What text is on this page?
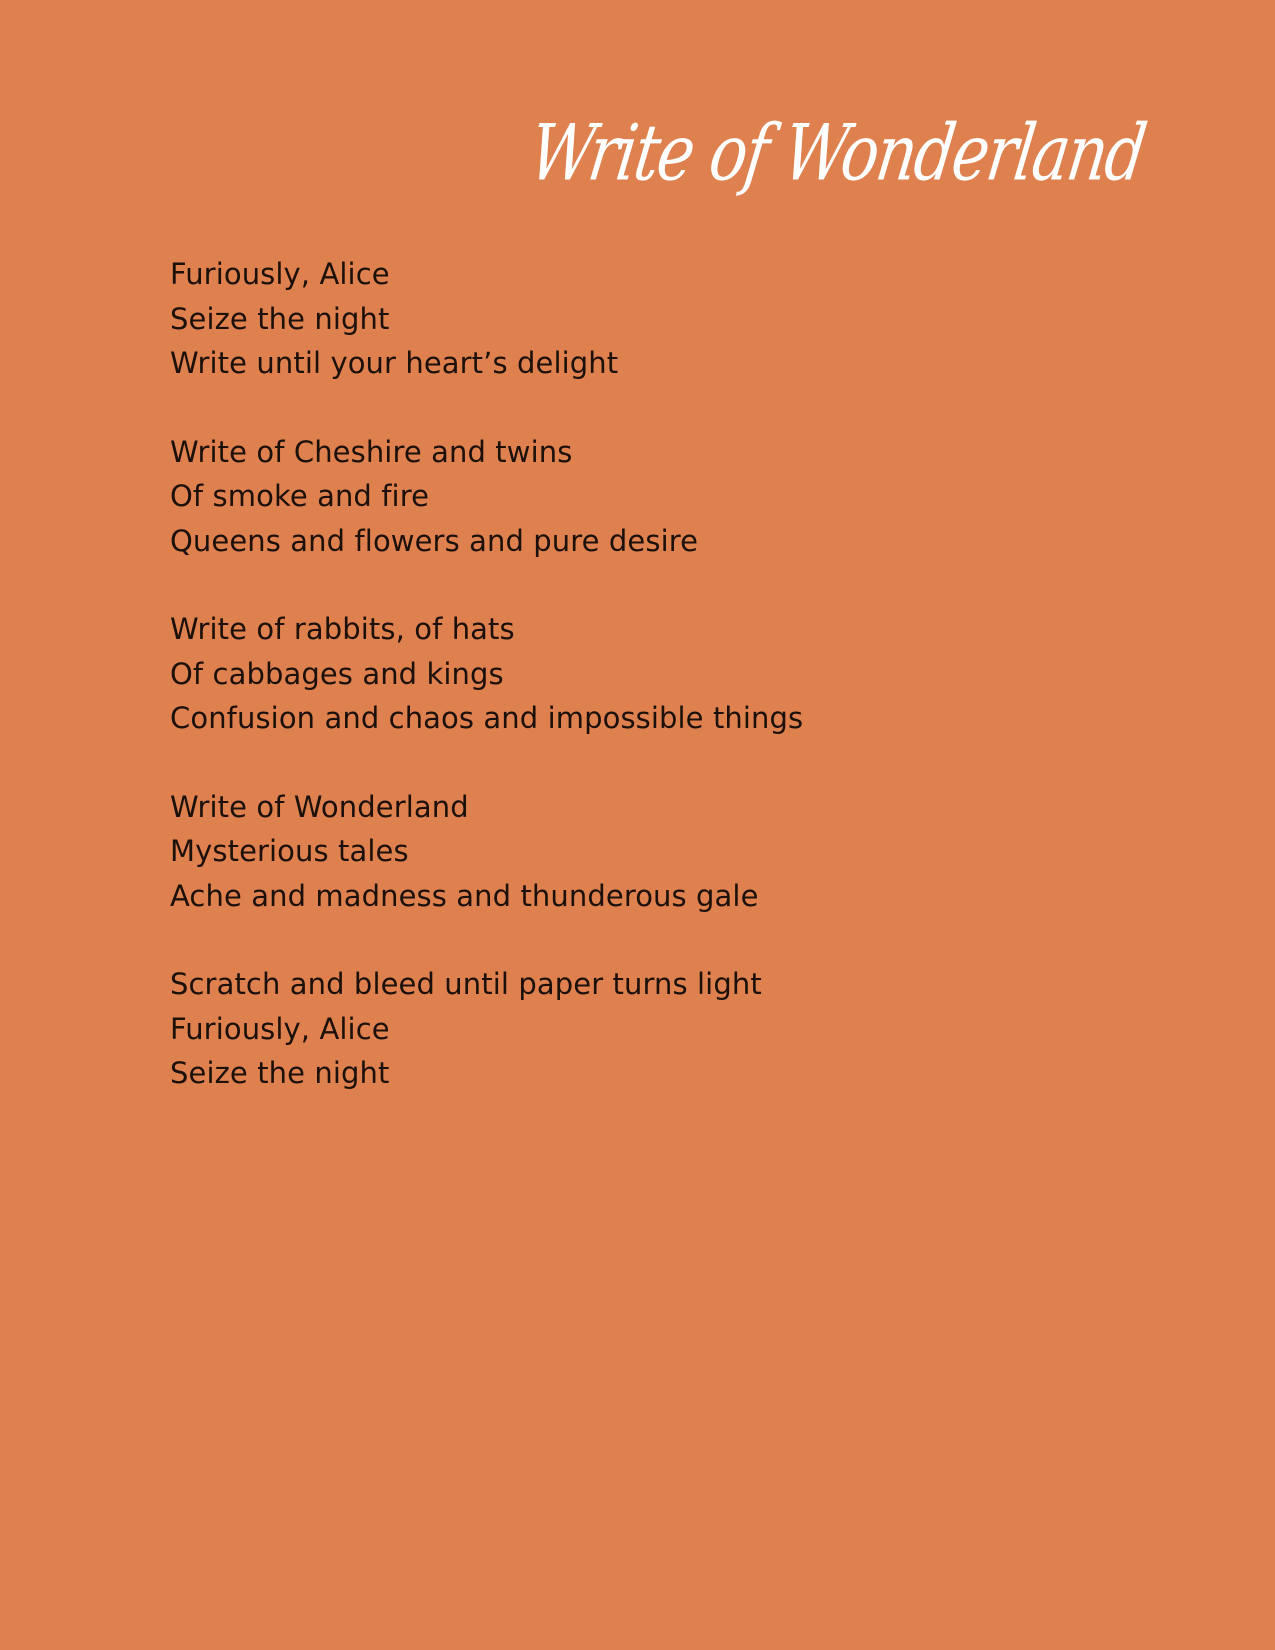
Write of Wonderland
Furiously, Alice
Seize the night
Write until your heart’s delight
Write of Cheshire and twins
Of smoke and fire
Queens and flowers and pure desire
Write of rabbits, of hats
Of cabbages and kings
Confusion and chaos and impossible things
Write of Wonderland
Mysterious tales
Ache and madness and thunderous gale
Scratch and bleed until paper turns light
Furiously, Alice
Seize the night
